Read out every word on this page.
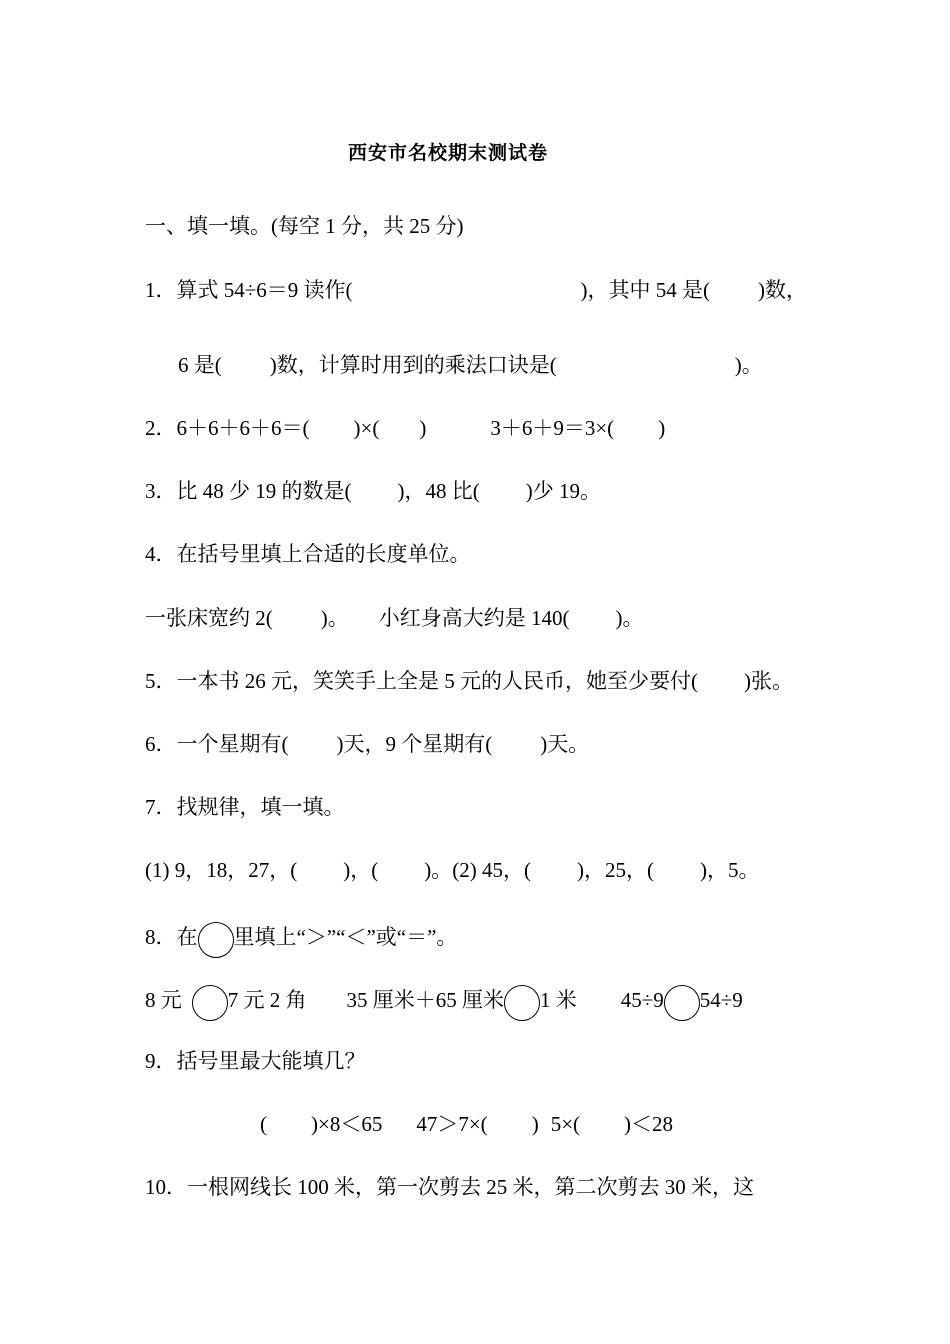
西安市名校期末测试卷
一、填一填。(每空 1 分，共 25 分)
1．算式 54÷6＝9 读作(	)，其中 54 是( )数，
6 是( )数，计算时用到的乘法口诀是(	)。
2．6＋6＋6＋6＝( )×( )	3＋6＋9＝3×( )
3．比 48 少 19 的数是( )，48 比( )少 19。
4．在括号里填上合适的长度单位。
一张床宽约 2( )。 小红身高大约是 140( )。
5．一本书 26 元，笑笑手上全是 5 元的人民币，她至少要付( )张。
6．一个星期有( )天，9 个星期有( )天。
7．找规律，填一填。
(1) 9，18，27，( )，( )。(2) 45，( )，25，( )，5。
8．在 里填上“＞”“＜”或“＝”。
8 元 7 元 2 角 35 厘米＋65 厘米 1 米 45÷9 54÷9
9．括号里最大能填几？
( )×8＜65 47＞7×( ) 5×( )＜28
10．一根网线长 100 米，第一次剪去 25 米，第二次剪去 30 米，这
